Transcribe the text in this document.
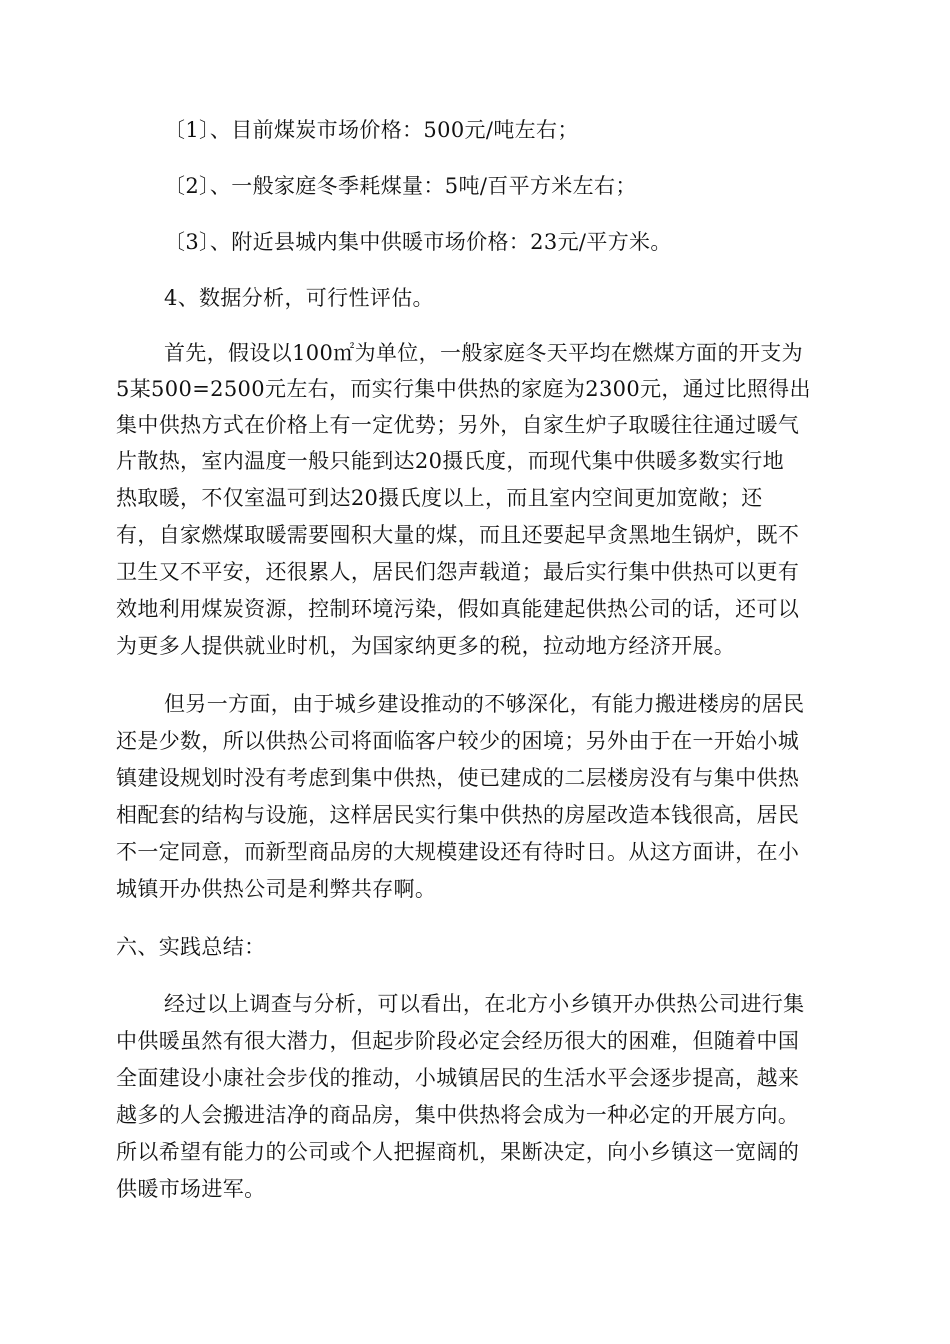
〔1〕、目前煤炭市场价格：500元/吨左右；
〔2〕、一般家庭冬季耗煤量：5吨/百平方米左右；
〔3〕、附近县城内集中供暖市场价格：23元/平方米。
4、数据分析，可行性评估。
首先，假设以100㎡为单位，一般家庭冬天平均在燃煤方面的开支为
5某500=2500元左右，而实行集中供热的家庭为2300元，通过比照得出
集中供热方式在价格上有一定优势；另外，自家生炉子取暖往往通过暖气
片散热，室内温度一般只能到达20摄氏度，而现代集中供暖多数实行地
热取暖，不仅室温可到达20摄氏度以上，而且室内空间更加宽敞；还
有，自家燃煤取暖需要囤积大量的煤，而且还要起早贪黑地生锅炉，既不
卫生又不平安，还很累人，居民们怨声载道；最后实行集中供热可以更有
效地利用煤炭资源，控制环境污染，假如真能建起供热公司的话，还可以
为更多人提供就业时机，为国家纳更多的税，拉动地方经济开展。
但另一方面，由于城乡建设推动的不够深化，有能力搬进楼房的居民
还是少数，所以供热公司将面临客户较少的困境；另外由于在一开始小城
镇建设规划时没有考虑到集中供热，使已建成的二层楼房没有与集中供热
相配套的结构与设施，这样居民实行集中供热的房屋改造本钱很高，居民
不一定同意，而新型商品房的大规模建设还有待时日。从这方面讲，在小
城镇开办供热公司是利弊共存啊。
六、实践总结：
经过以上调查与分析，可以看出，在北方小乡镇开办供热公司进行集
中供暖虽然有很大潜力，但起步阶段必定会经历很大的困难，但随着中国
全面建设小康社会步伐的推动，小城镇居民的生活水平会逐步提高，越来
越多的人会搬进洁净的商品房，集中供热将会成为一种必定的开展方向。
所以希望有能力的公司或个人把握商机，果断决定，向小乡镇这一宽阔的
供暖市场进军。
